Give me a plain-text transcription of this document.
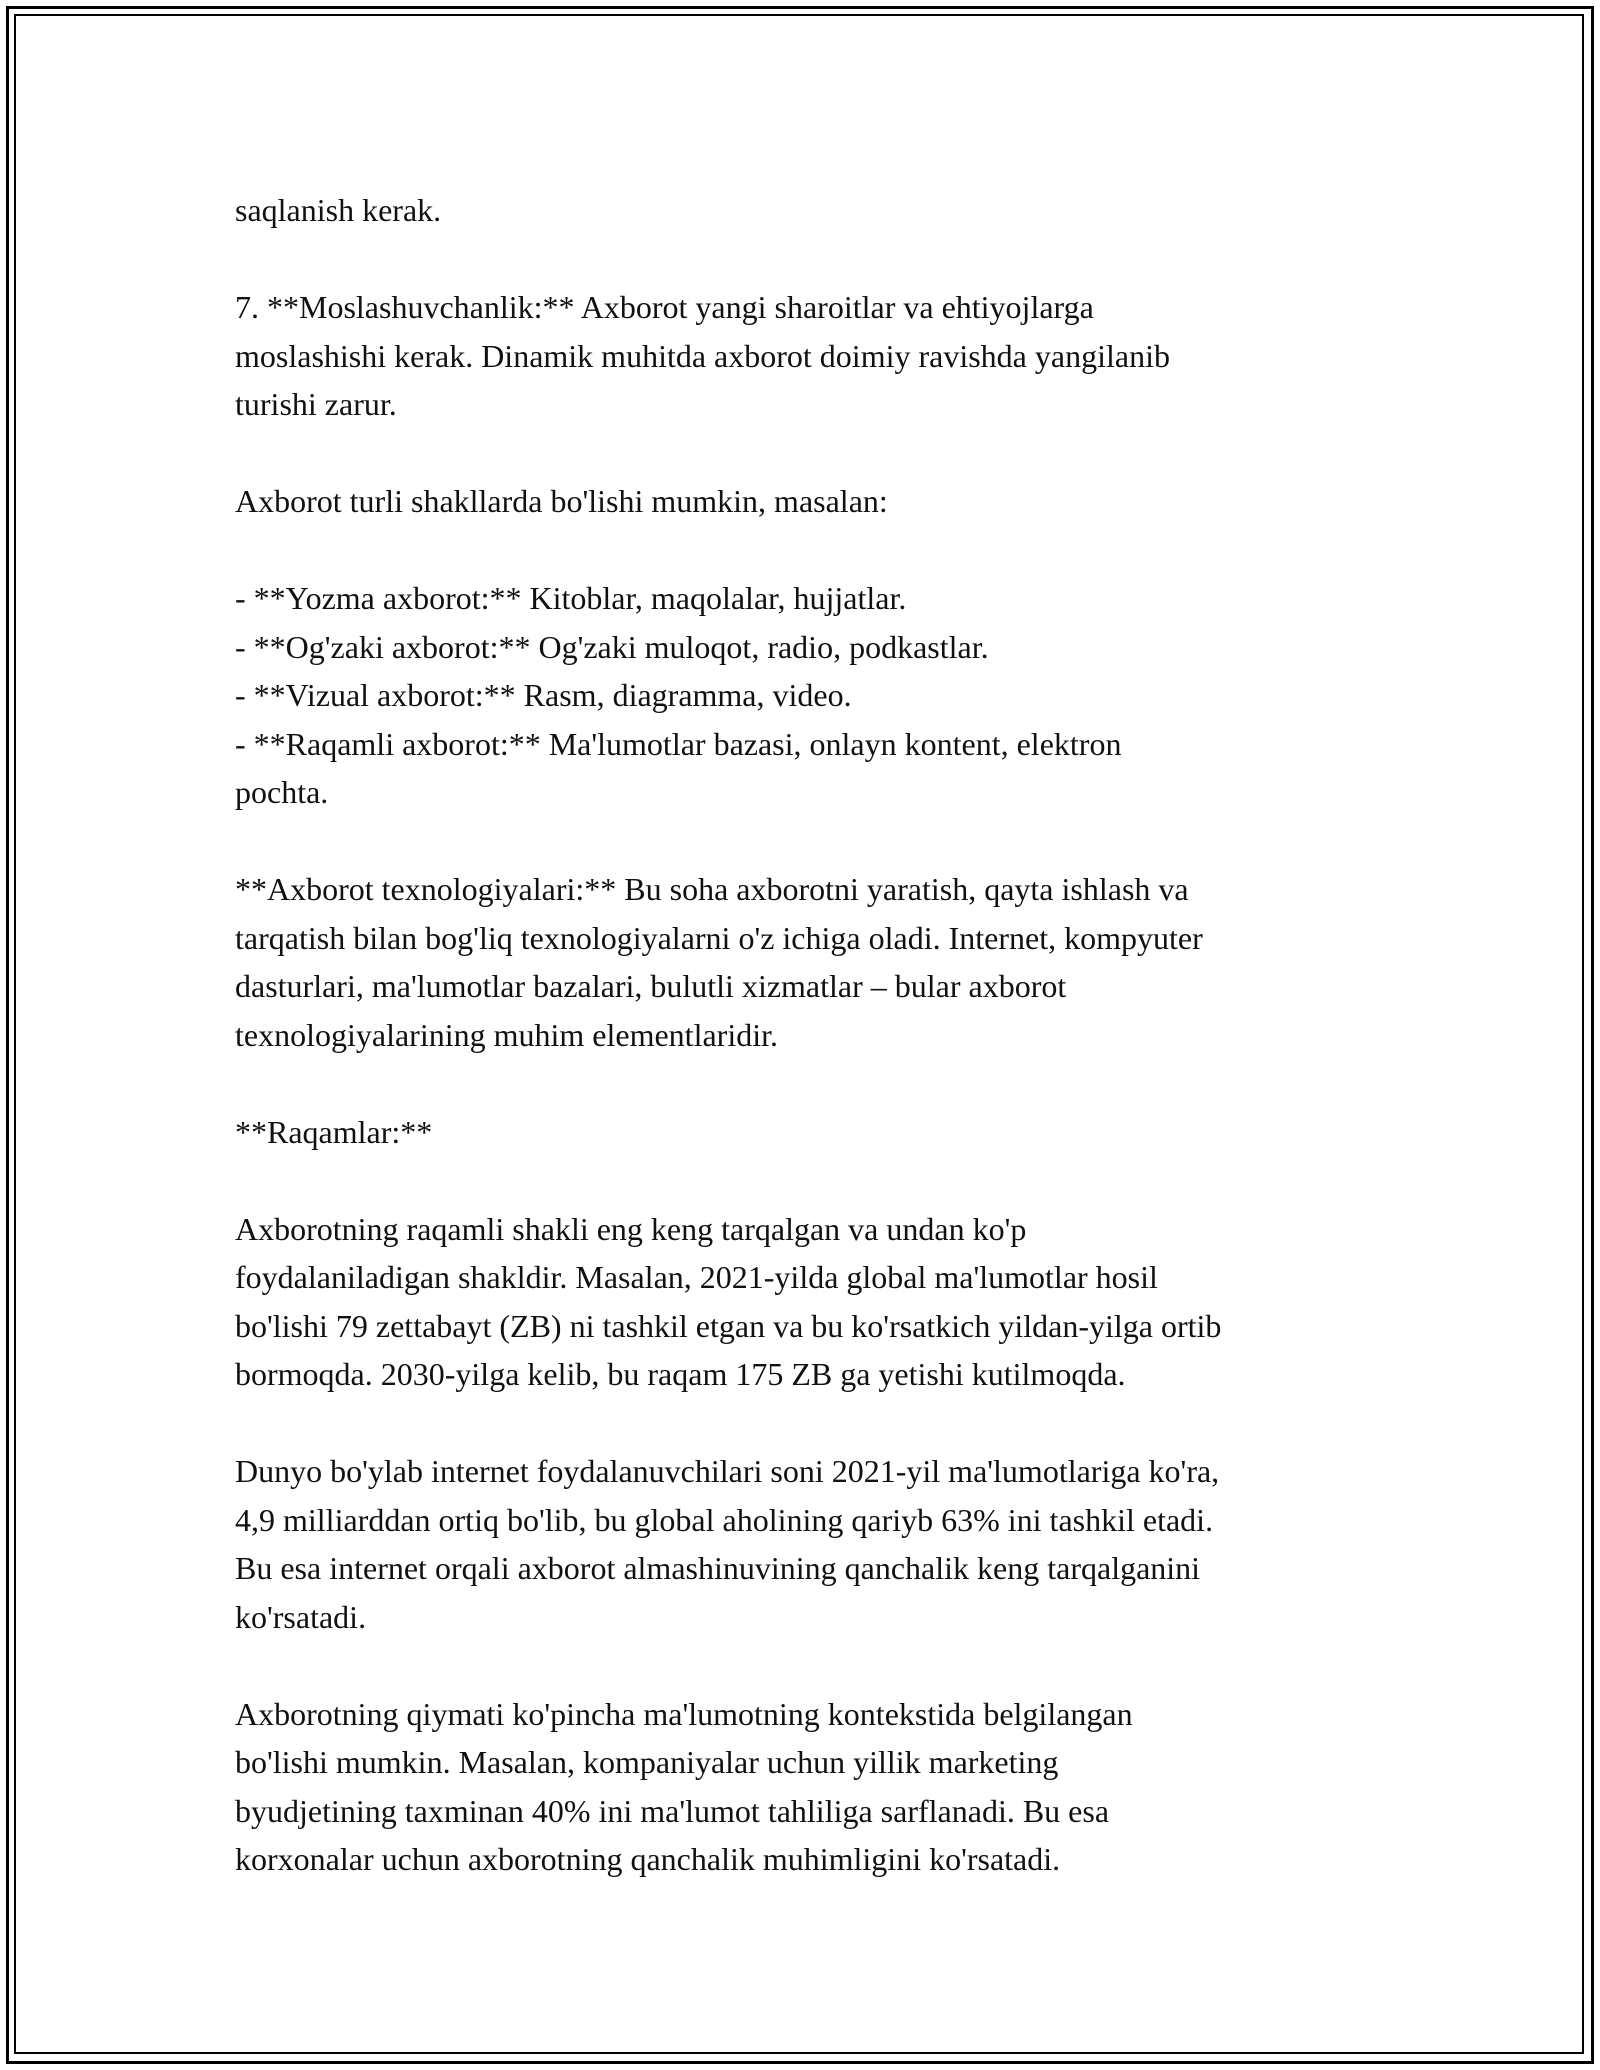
saqlanish kerak.

7. **Moslashuvchanlik:** Axborot yangi sharoitlar va ehtiyojlarga
moslashishi kerak. Dinamik muhitda axborot doimiy ravishda yangilanib
turishi zarur.

Axborot turli shakllarda bo'lishi mumkin, masalan:

- **Yozma axborot:** Kitoblar, maqolalar, hujjatlar.
- **Og'zaki axborot:** Og'zaki muloqot, radio, podkastlar.
- **Vizual axborot:** Rasm, diagramma, video.
- **Raqamli axborot:** Ma'lumotlar bazasi, onlayn kontent, elektron
pochta.

**Axborot texnologiyalari:** Bu soha axborotni yaratish, qayta ishlash va
tarqatish bilan bog'liq texnologiyalarni o'z ichiga oladi. Internet, kompyuter
dasturlari, ma'lumotlar bazalari, bulutli xizmatlar – bular axborot
texnologiyalarining muhim elementlaridir.

**Raqamlar:**

Axborotning raqamli shakli eng keng tarqalgan va undan ko'p
foydalaniladigan shakldir. Masalan, 2021-yilda global ma'lumotlar hosil
bo'lishi 79 zettabayt (ZB) ni tashkil etgan va bu ko'rsatkich yildan-yilga ortib
bormoqda. 2030-yilga kelib, bu raqam 175 ZB ga yetishi kutilmoqda.

Dunyo bo'ylab internet foydalanuvchilari soni 2021-yil ma'lumotlariga ko'ra,
4,9 milliarddan ortiq bo'lib, bu global aholining qariyb 63% ini tashkil etadi.
Bu esa internet orqali axborot almashinuvining qanchalik keng tarqalganini
ko'rsatadi.

Axborotning qiymati ko'pincha ma'lumotning kontekstida belgilangan
bo'lishi mumkin. Masalan, kompaniyalar uchun yillik marketing
byudjetining taxminan 40% ini ma'lumot tahliliga sarflanadi. Bu esa
korxonalar uchun axborotning qanchalik muhimligini ko'rsatadi.
